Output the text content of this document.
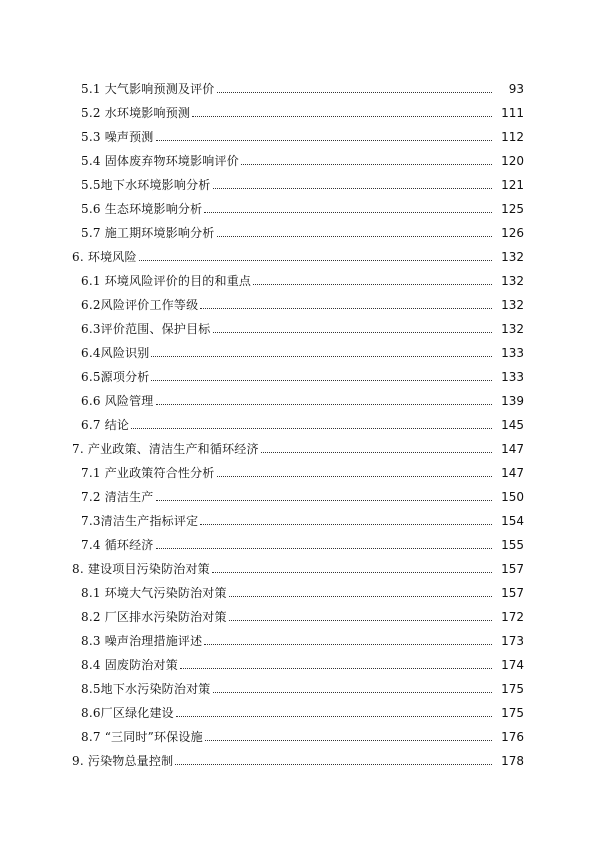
5.1 大气影响预测及评价	93
5.2 水环境影响预测	111
5.3 噪声预测	112
5.4 固体废弃物环境影响评价	120
5.5地下水环境影响分析	121
5.6 生态环境影响分析	125
5.7 施工期环境影响分析	126
6. 环境风险	132
6.1 环境风险评价的目的和重点	132
6.2风险评价工作等级	132
6.3评价范围、保护目标	132
6.4风险识别	133
6.5源项分析	133
6.6 风险管理	139
6.7 结论	145
7. 产业政策、清洁生产和循环经济	147
7.1 产业政策符合性分析	147
7.2 清洁生产	150
7.3清洁生产指标评定	154
7.4 循环经济	155
8. 建设项目污染防治对策	157
8.1 环境大气污染防治对策	157
8.2 厂区排水污染防治对策	172
8.3 噪声治理措施评述	173
8.4 固废防治对策	174
8.5地下水污染防治对策	175
8.6厂区绿化建设	175
8.7 “三同时”环保设施	176
9. 污染物总量控制	178
